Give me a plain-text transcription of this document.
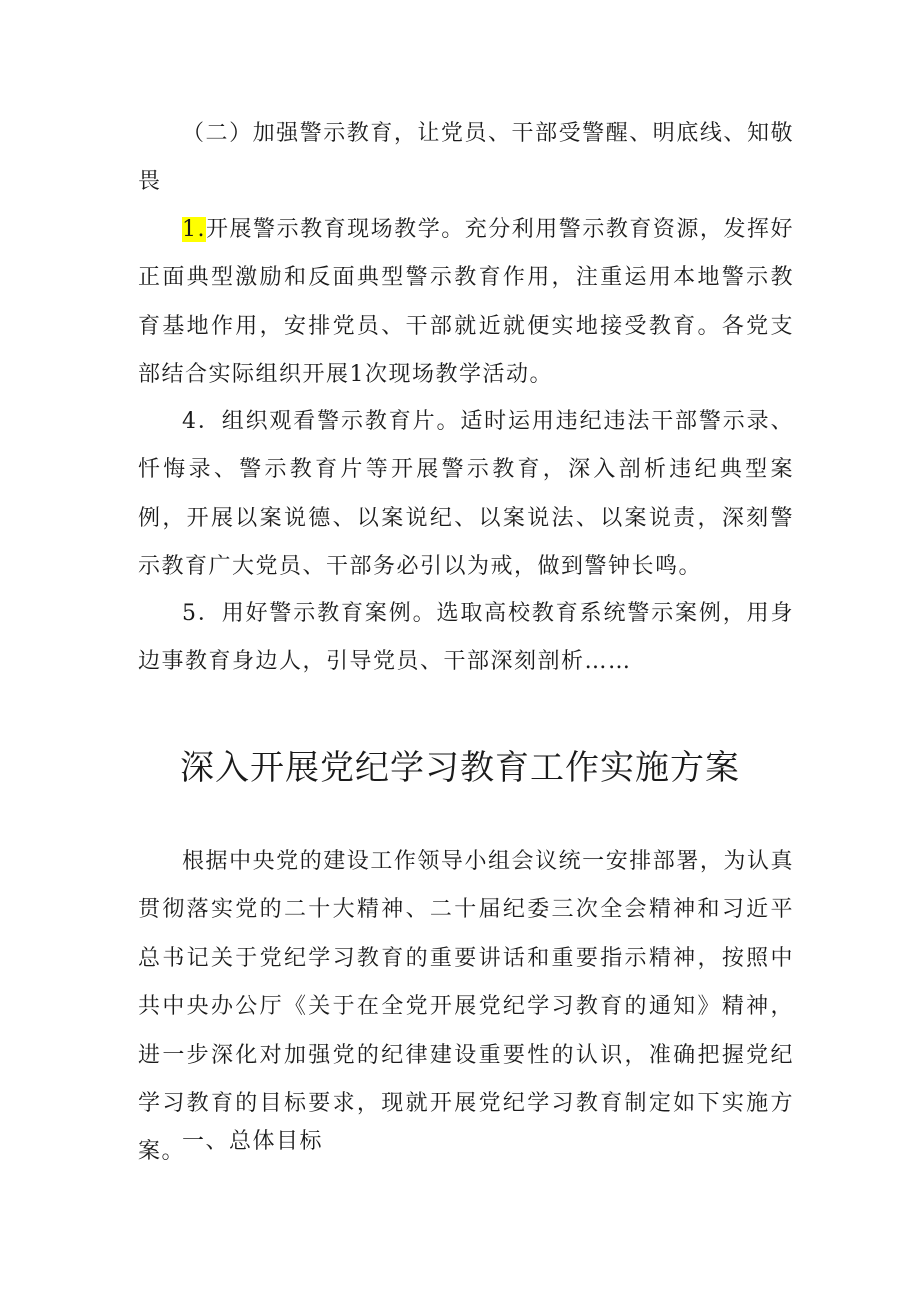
（二）加强警示教育，让党员、干部受警醒、明底线、知敬畏

1.开展警示教育现场教学。充分利用警示教育资源，发挥好正面典型激励和反面典型警示教育作用，注重运用本地警示教育基地作用，安排党员、干部就近就便实地接受教育。各党支部结合实际组织开展1次现场教学活动。

4．组织观看警示教育片。适时运用违纪违法干部警示录、忏悔录、警示教育片等开展警示教育，深入剖析违纪典型案例，开展以案说德、以案说纪、以案说法、以案说责，深刻警示教育广大党员、干部务必引以为戒，做到警钟长鸣。

5．用好警示教育案例。选取高校教育系统警示案例，用身边事教育身边人，引导党员、干部深刻剖析……

深入开展党纪学习教育工作实施方案

根据中央党的建设工作领导小组会议统一安排部署，为认真贯彻落实党的二十大精神、二十届纪委三次全会精神和习近平总书记关于党纪学习教育的重要讲话和重要指示精神，按照中共中央办公厅《关于在全党开展党纪学习教育的通知》精神，进一步深化对加强党的纪律建设重要性的认识，准确把握党纪学习教育的目标要求，现就开展党纪学习教育制定如下实施方案。

一、总体目标
